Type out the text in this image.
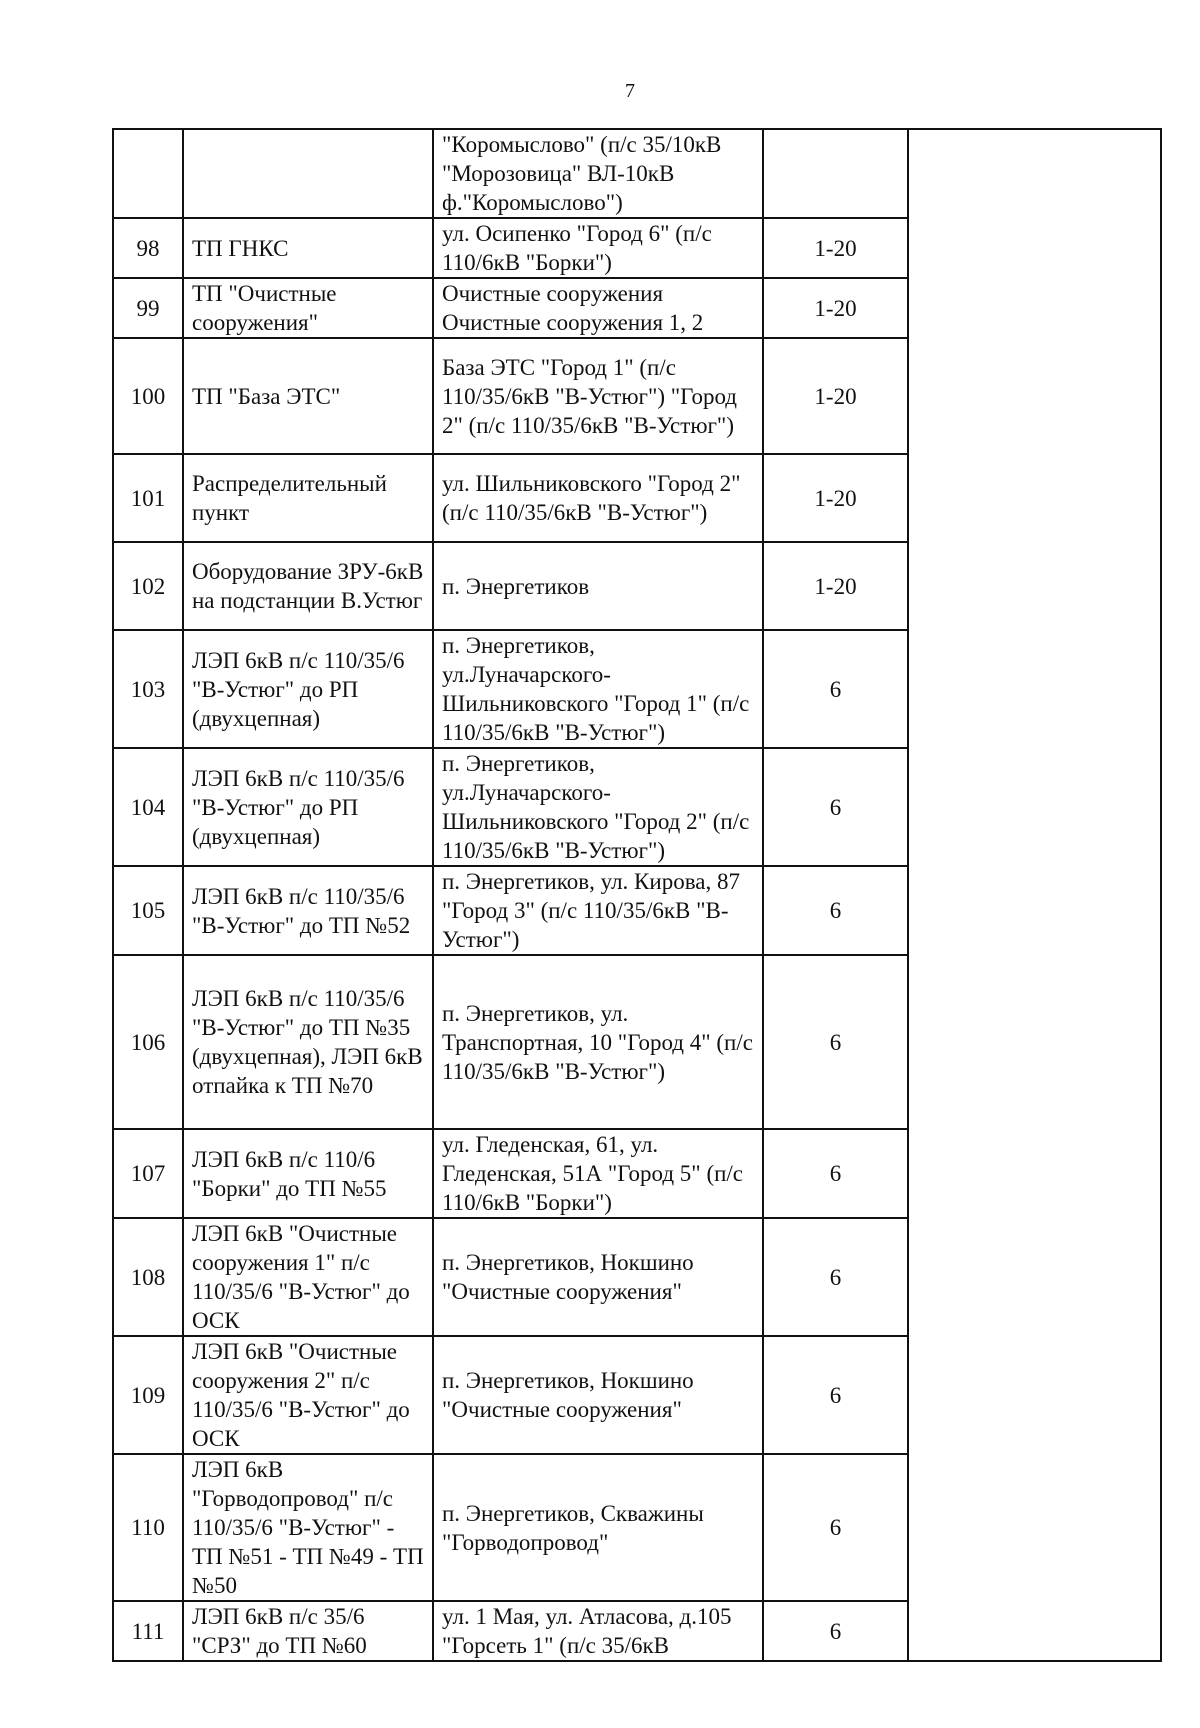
7
		"Коромыслово" (п/с 35/10кВ "Морозовица" ВЛ-10кВ ф."Коромыслово")		
98	ТП ГНКС	ул. Осипенко "Город 6" (п/с 110/6кВ "Борки")	1-20	
99	ТП "Очистные сооружения"	Очистные сооружения Очистные сооружения 1, 2	1-20	
100	ТП "База ЭТС"	База ЭТС "Город 1" (п/с 110/35/6кВ "В-Устюг") "Город 2" (п/с 110/35/6кВ "В-Устюг")	1-20	
101	Распределительный пункт	ул. Шильниковского "Город 2" (п/с 110/35/6кВ "В-Устюг")	1-20	
102	Оборудование ЗРУ-6кВ на подстанции В.Устюг	п. Энергетиков	1-20	
103	ЛЭП 6кВ п/с 110/35/6 "В-Устюг" до РП (двухцепная)	п. Энергетиков, ул.Луначарского-Шильниковского "Город 1" (п/с 110/35/6кВ "В-Устюг")	6	
104	ЛЭП 6кВ п/с 110/35/6 "В-Устюг" до РП (двухцепная)	п. Энергетиков, ул.Луначарского-Шильниковского "Город 2" (п/с 110/35/6кВ "В-Устюг")	6	
105	ЛЭП 6кВ п/с 110/35/6 "В-Устюг" до ТП №52	п. Энергетиков, ул. Кирова, 87 "Город 3" (п/с 110/35/6кВ "В-Устюг")	6	
106	ЛЭП 6кВ п/с 110/35/6 "В-Устюг" до ТП №35 (двухцепная), ЛЭП 6кВ отпайка к ТП №70	п. Энергетиков, ул. Транспортная, 10 "Город 4" (п/с 110/35/6кВ "В-Устюг")	6	
107	ЛЭП 6кВ п/с 110/6 "Борки" до ТП №55	ул. Гледенская, 61, ул. Гледенская, 51А "Город 5" (п/с 110/6кВ "Борки")	6	
108	ЛЭП 6кВ "Очистные сооружения 1" п/с 110/35/6 "В-Устюг" до ОСК	п. Энергетиков, Нокшино "Очистные сооружения"	6	
109	ЛЭП 6кВ "Очистные сооружения 2" п/с 110/35/6 "В-Устюг" до ОСК	п. Энергетиков, Нокшино "Очистные сооружения"	6	
110	ЛЭП 6кВ "Горводопровод" п/с 110/35/6 "В-Устюг" - ТП №51 - ТП №49 - ТП №50	п. Энергетиков, Скважины "Горводопровод"	6	
111	ЛЭП 6кВ п/с 35/6 "СРЗ" до ТП №60	ул. 1 Мая, ул. Атласова, д.105 "Горсеть 1" (п/с 35/6кВ	6	
